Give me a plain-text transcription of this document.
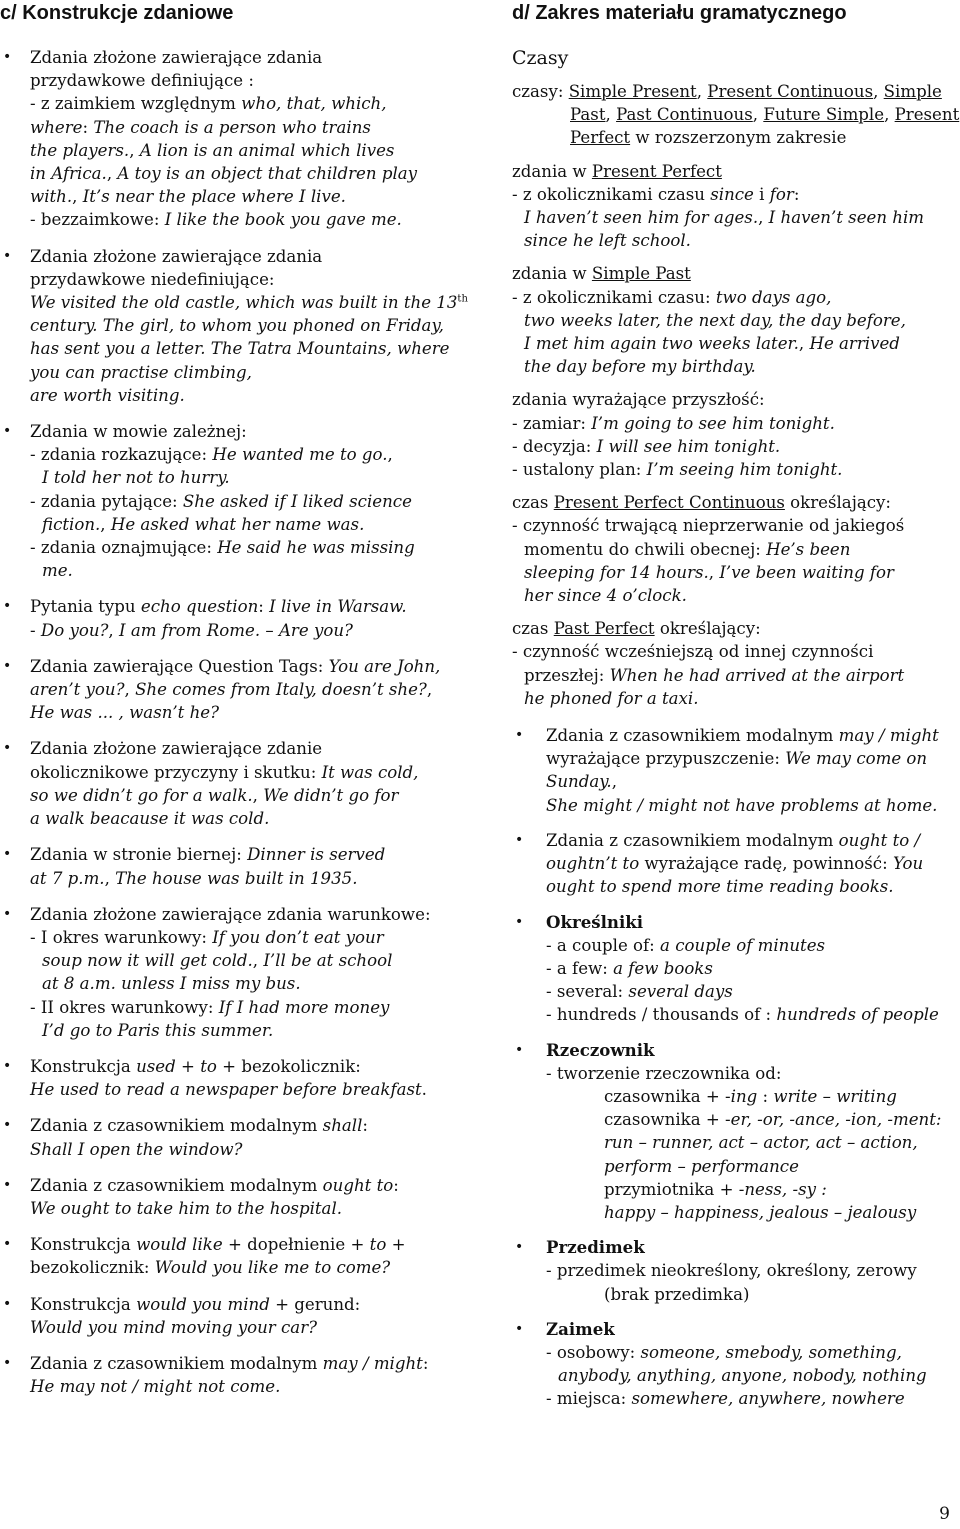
c/ Konstrukcje zdaniowe
• Zdania złożone zawierające zdania
przydawkowe definiujące :
- z zaimkiem względnym who, that, which,
where: The coach is a person who trains
the players., A lion is an animal which lives
in Africa., A toy is an object that children play
with., It’s near the place where I live.
- bezzaimkowe: I like the book you gave me.
• Zdania złożone zawierające zdania
przydawkowe niedefiniujące:
We visited the old castle, which was built in the 13th
century. The girl, to whom you phoned on Friday,
has sent you a letter. The Tatra Mountains, where
you can practise climbing,
are worth visiting.
• Zdania w mowie zależnej:
- zdania rozkazujące: He wanted me to go.,
I told her not to hurry.
- zdania pytające: She asked if I liked science
fiction., He asked what her name was.
- zdania oznajmujące: He said he was missing
me.
• Pytania typu echo question: I live in Warsaw.
- Do you?, I am from Rome. – Are you?
• Zdania zawierające Question Tags: You are John,
aren’t you?, She comes from Italy, doesn’t she?,
He was ... , wasn’t he?
• Zdania złożone zawierające zdanie
okolicznikowe przyczyny i skutku: It was cold,
so we didn’t go for a walk., We didn’t go for
a walk beacause it was cold.
• Zdania w stronie biernej: Dinner is served
at 7 p.m., The house was built in 1935.
• Zdania złożone zawierające zdania warunkowe:
- I okres warunkowy: If you don’t eat your
soup now it will get cold., I’ll be at school
at 8 a.m. unless I miss my bus.
- II okres warunkowy: If I had more money
I’d go to Paris this summer.
• Konstrukcja used + to + bezokolicznik:
He used to read a newspaper before breakfast.
• Zdania z czasownikiem modalnym shall:
Shall I open the window?
• Zdania z czasownikiem modalnym ought to:
We ought to take him to the hospital.
• Konstrukcja would like + dopełnienie + to +
bezokolicznik: Would you like me to come?
• Konstrukcja would you mind + gerund:
Would you mind moving your car?
• Zdania z czasownikiem modalnym may / might:
He may not / might not come.
d/ Zakres materiału gramatycznego
Czasy
czasy: Simple Present, Present Continuous, Simple
Past, Past Continuous, Future Simple, Present
Perfect w rozszerzonym zakresie
zdania w Present Perfect
- z okolicznikami czasu since i for:
I haven’t seen him for ages., I haven’t seen him
since he left school.
zdania w Simple Past
- z okolicznikami czasu: two days ago,
two weeks later, the next day, the day before,
I met him again two weeks later., He arrived
the day before my birthday.
zdania wyrażające przyszłość:
- zamiar: I’m going to see him tonight.
- decyzja: I will see him tonight.
- ustalony plan: I’m seeing him tonight.
czas Present Perfect Continuous określający:
- czynność trwającą nieprzerwanie od jakiegoś
momentu do chwili obecnej: He’s been
sleeping for 14 hours., I’ve been waiting for
her since 4 o’clock.
czas Past Perfect określający:
- czynność wcześniejszą od innej czynności
przeszłej: When he had arrived at the airport
he phoned for a taxi.
• Zdania z czasownikiem modalnym may / might
wyrażające przypuszczenie: We may come on
Sunday.,
She might / might not have problems at home.
• Zdania z czasownikiem modalnym ought to /
oughtn’t to wyrażające radę, powinność: You
ought to spend more time reading books.
• Określniki
- a couple of: a couple of minutes
- a few: a few books
- several: several days
- hundreds / thousands of : hundreds of people
• Rzeczownik
- tworzenie rzeczownika od:
czasownika + -ing : write – writing
czasownika + -er, -or, -ance, -ion, -ment:
run – runner, act – actor, act – action,
perform – performance
przymiotnika + -ness, -sy :
happy – happiness, jealous – jealousy
• Przedimek
- przedimek nieokreślony, określony, zerowy
(brak przedimka)
• Zaimek
- osobowy: someone, smebody, something,
anybody, anything, anyone, nobody, nothing
- miejsca: somewhere, anywhere, nowhere
9
